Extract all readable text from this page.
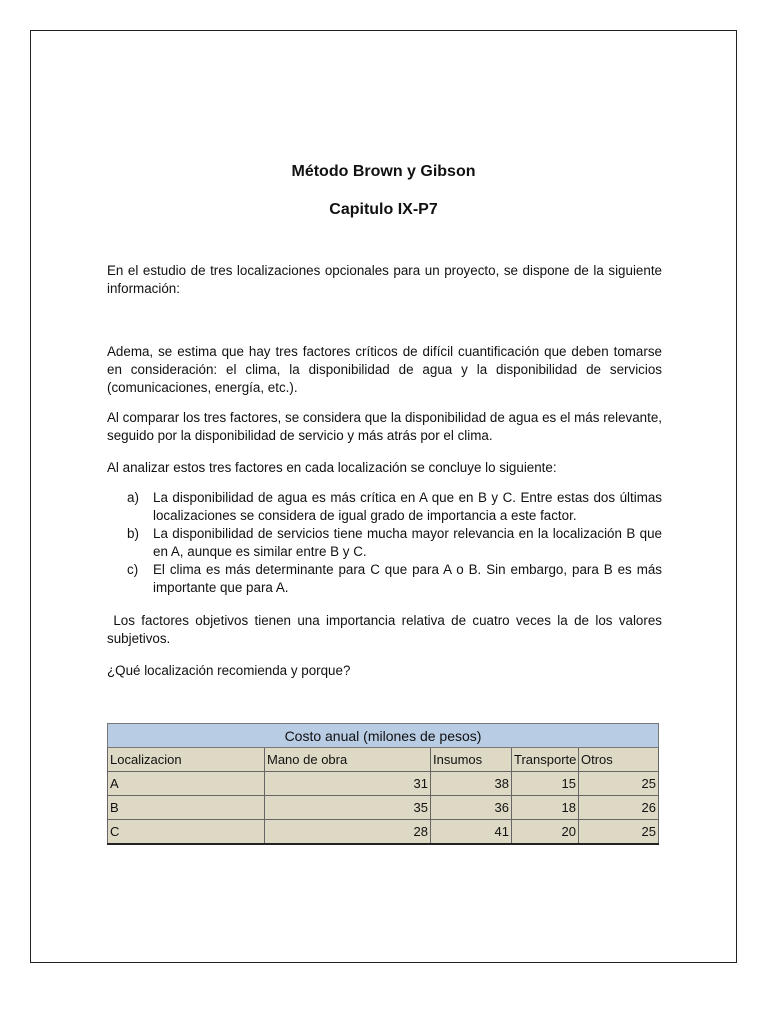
Método Brown y Gibson
Capitulo IX-P7

En el estudio de tres localizaciones opcionales para un proyecto, se dispone de la siguiente información:

Adema, se estima que hay tres factores críticos de difícil cuantificación que deben tomarse en consideración: el clima, la disponibilidad de agua y la disponibilidad de servicios (comunicaciones, energía, etc.).

Al comparar los tres factores, se considera que la disponibilidad de agua es el más relevante, seguido por la disponibilidad de servicio y más atrás por el clima.

Al analizar estos tres factores en cada localización se concluye lo siguiente:

a) La disponibilidad de agua es más crítica en A que en B y C. Entre estas dos últimas localizaciones se considera de igual grado de importancia a este factor.
b) La disponibilidad de servicios tiene mucha mayor relevancia en la localización B que en A, aunque es similar entre B y C.
c) El clima es más determinante para C que para A o B. Sin embargo, para B es más importante que para A.

Los factores objetivos tienen una importancia relativa de cuatro veces la de los valores subjetivos.

¿Qué localización recomienda y porque?

Costo anual (milones de pesos)				
Localizacion	Mano de obra	Insumos	Transporte	Otros
A	31	38	15	25
B	35	36	18	26
C	28	41	20	25
